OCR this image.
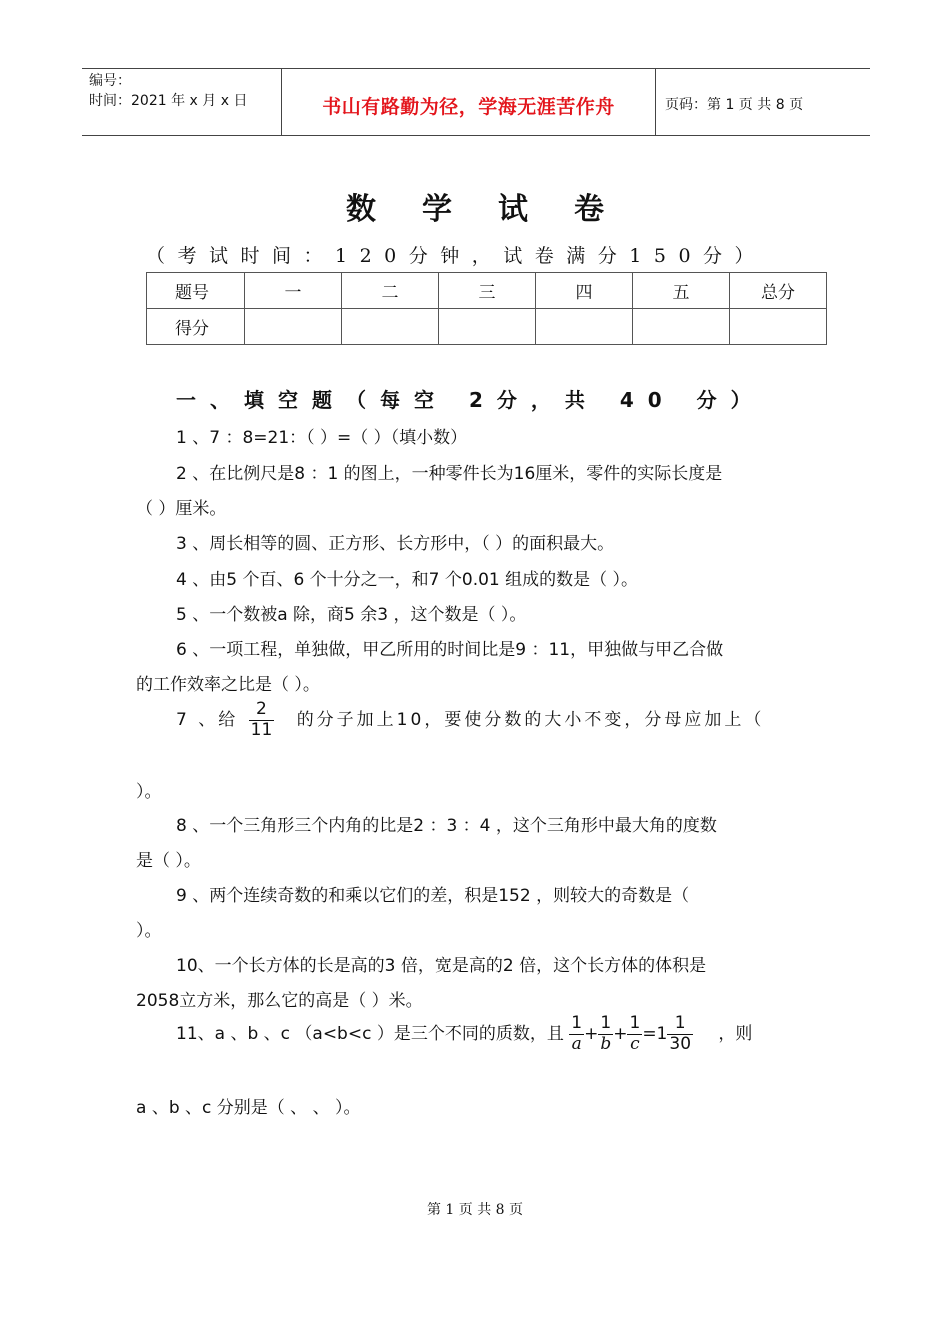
编号：
时间：2021 年 x 月 x 日	书山有路勤为径，学海无涯苦作舟	页码：第 1 页 共 8 页
数学试卷
（考试时间：120分钟，试卷满分150分）
题号	一	二	三	四	五	总分
得分						
一、填空题（每空 2分，共 40 分）
1 、7 ：8=21：（ ）=（ ）（填小数）
2 、在比例尺是8 ：1 的图上，一种零件长为16厘米，零件的实际长度是
（ ）厘米。
3 、周长相等的圆、正方形、长方形中，（ ）的面积最大。
4 、由5 个百、6 个十分之一，和7 个0.01 组成的数是（ ）。
5 、一个数被a 除，商5 余3 ，这个数是（ ）。
6 、一项工程，单独做，甲乙所用的时间比是9 ：11，甲独做与甲乙合做
的工作效率之比是（ ）。
7 、给 $\frac{2}{11}$ 的分子加上10，要使分数的大小不变，分母应加上（
）。
8 、一个三角形三个内角的比是2 ：3 ：4 ，这个三角形中最大角的度数
是（ ）。
9 、两个连续奇数的和乘以它们的差，积是152 ，则较大的奇数是（
）。
10、一个长方体的长是高的3 倍，宽是高的2 倍，这个长方体的体积是
2058立方米，那么它的高是（ ）米。
11、a 、b 、c （a<b<c ）是三个不同的质数，且 $\frac{1}{a} + \frac{1}{b} + \frac{1}{c} =1 \frac{1}{30}$ ，则
a 、b 、c 分别是（ 、 、 ）。
第 1 页 共 8 页
